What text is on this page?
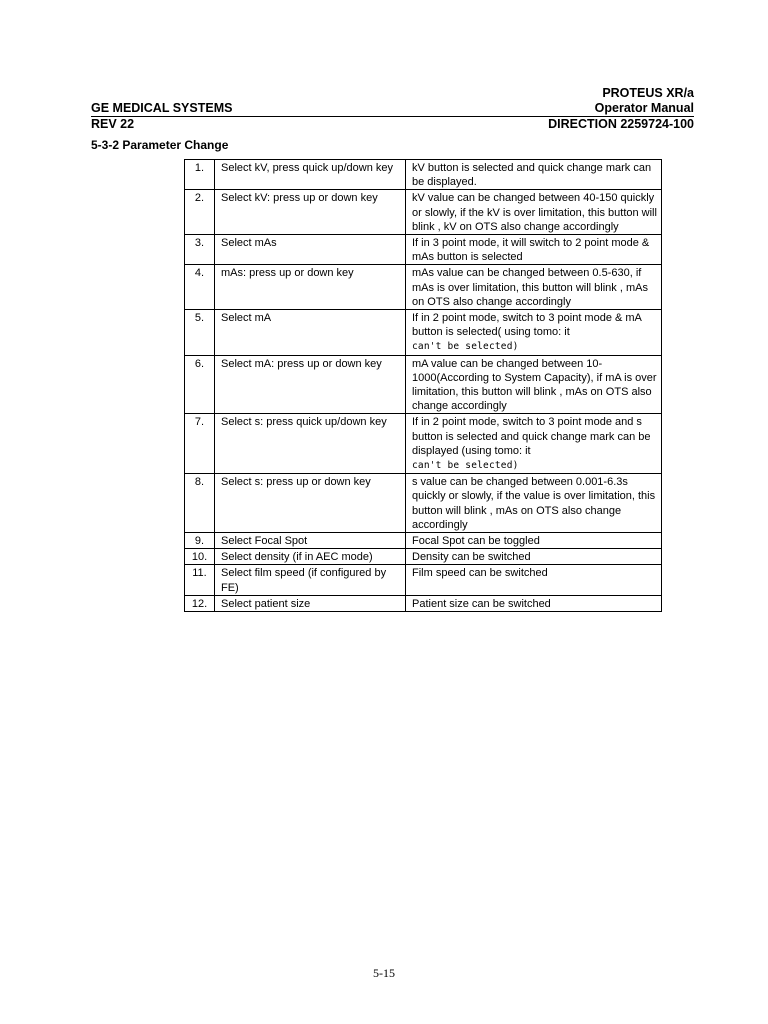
PROTEUS XR/a
GE MEDICAL SYSTEMS	Operator Manual
REV 22	DIRECTION 2259724-100
5-3-2 Parameter Change
1.	Select kV, press quick up/down key	kV button is selected and quick change mark can be displayed.
2.	Select kV: press up or down key	kV value can be changed between 40-150 quickly or slowly, if the kV is over limitation, this button will blink , kV on OTS also change accordingly
3.	Select mAs	If in 3 point mode, it will switch to 2 point mode & mAs button is selected
4.	mAs: press up or down key	mAs value can be changed between 0.5-630, if mAs is over limitation, this button will blink , mAs on OTS also change accordingly
5.	Select mA	If in 2 point mode, switch to 3 point mode & mA button is selected( using tomo: it
can't be selected)
6.	Select mA: press up or down key	mA value can be changed between 10-1000(According to System Capacity), if mA is over limitation, this button will blink , mAs on OTS also change accordingly
7.	Select s: press quick up/down key	If in 2 point mode, switch to 3 point mode and s button is selected and quick change mark can be displayed (using tomo: it
can't be selected)
8.	Select s: press up or down key	s value can be changed between 0.001-6.3s quickly or slowly, if the value is over limitation, this button will blink , mAs on OTS also change accordingly
9.	Select Focal Spot	Focal Spot can be toggled
10.	Select density (if in AEC mode)	Density can be switched
11.	Select film speed (if configured by FE)	Film speed can be switched
12.	Select patient size	Patient size can be switched
5-15
